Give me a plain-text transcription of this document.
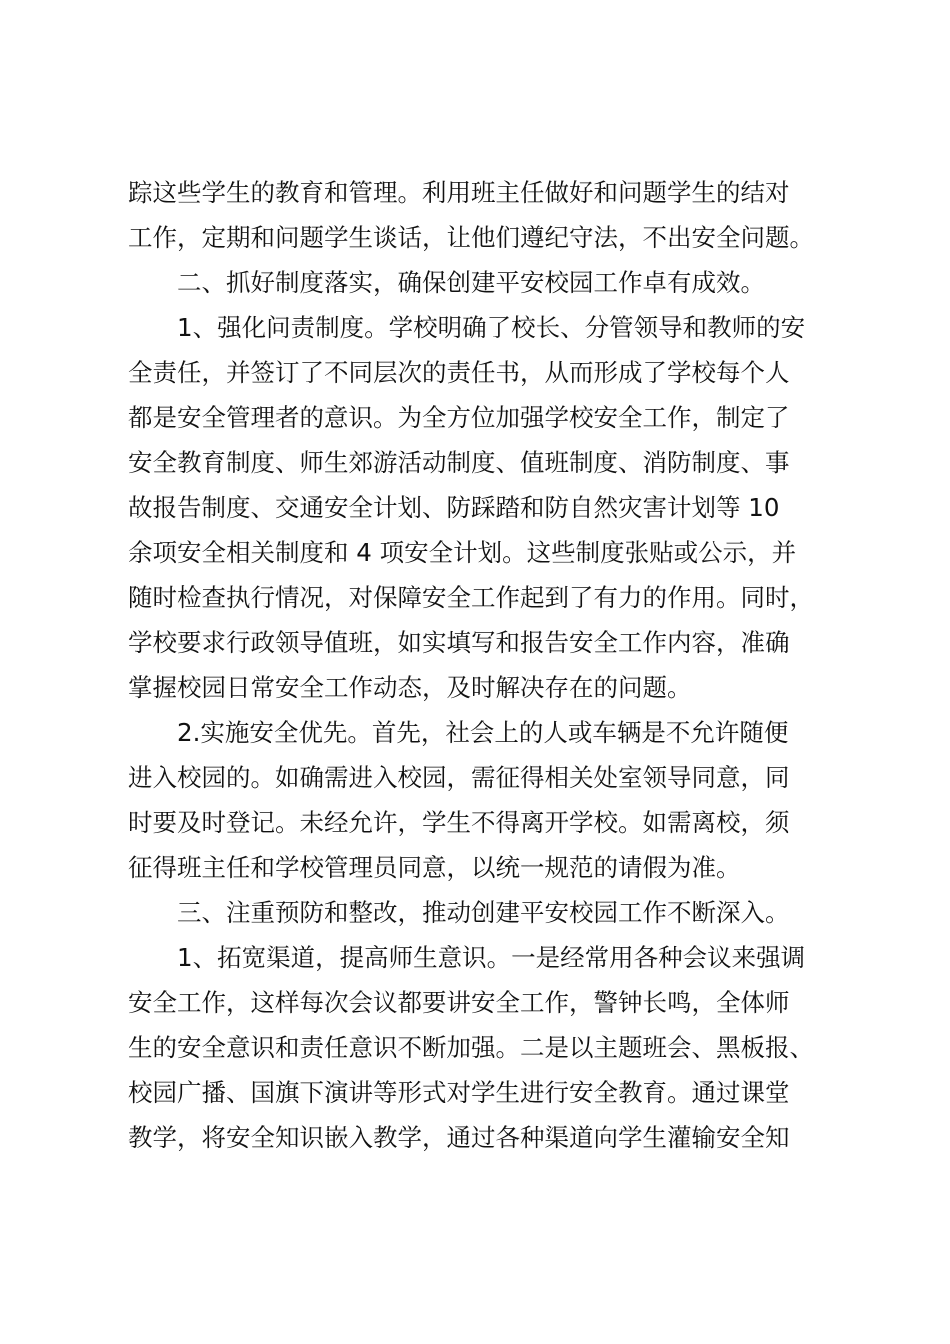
踪这些学生的教育和管理。利用班主任做好和问题学生的结对
工作，定期和问题学生谈话，让他们遵纪守法，不出安全问题。
　　二、抓好制度落实，确保创建平安校园工作卓有成效。
　　1、强化问责制度。学校明确了校长、分管领导和教师的安
全责任，并签订了不同层次的责任书，从而形成了学校每个人
都是安全管理者的意识。为全方位加强学校安全工作，制定了
安全教育制度、师生郊游活动制度、值班制度、消防制度、事
故报告制度、交通安全计划、防踩踏和防自然灾害计划等 10
余项安全相关制度和 4 项安全计划。这些制度张贴或公示，并
随时检查执行情况，对保障安全工作起到了有力的作用。同时，
学校要求行政领导值班，如实填写和报告安全工作内容，准确
掌握校园日常安全工作动态，及时解决存在的问题。
　　2.实施安全优先。首先，社会上的人或车辆是不允许随便
进入校园的。如确需进入校园，需征得相关处室领导同意，同
时要及时登记。未经允许，学生不得离开学校。如需离校，须
征得班主任和学校管理员同意，以统一规范的请假为准。
　　三、注重预防和整改，推动创建平安校园工作不断深入。
　　1、拓宽渠道，提高师生意识。一是经常用各种会议来强调
安全工作，这样每次会议都要讲安全工作，警钟长鸣，全体师
生的安全意识和责任意识不断加强。二是以主题班会、黑板报、
校园广播、国旗下演讲等形式对学生进行安全教育。通过课堂
教学，将安全知识嵌入教学，通过各种渠道向学生灌输安全知
